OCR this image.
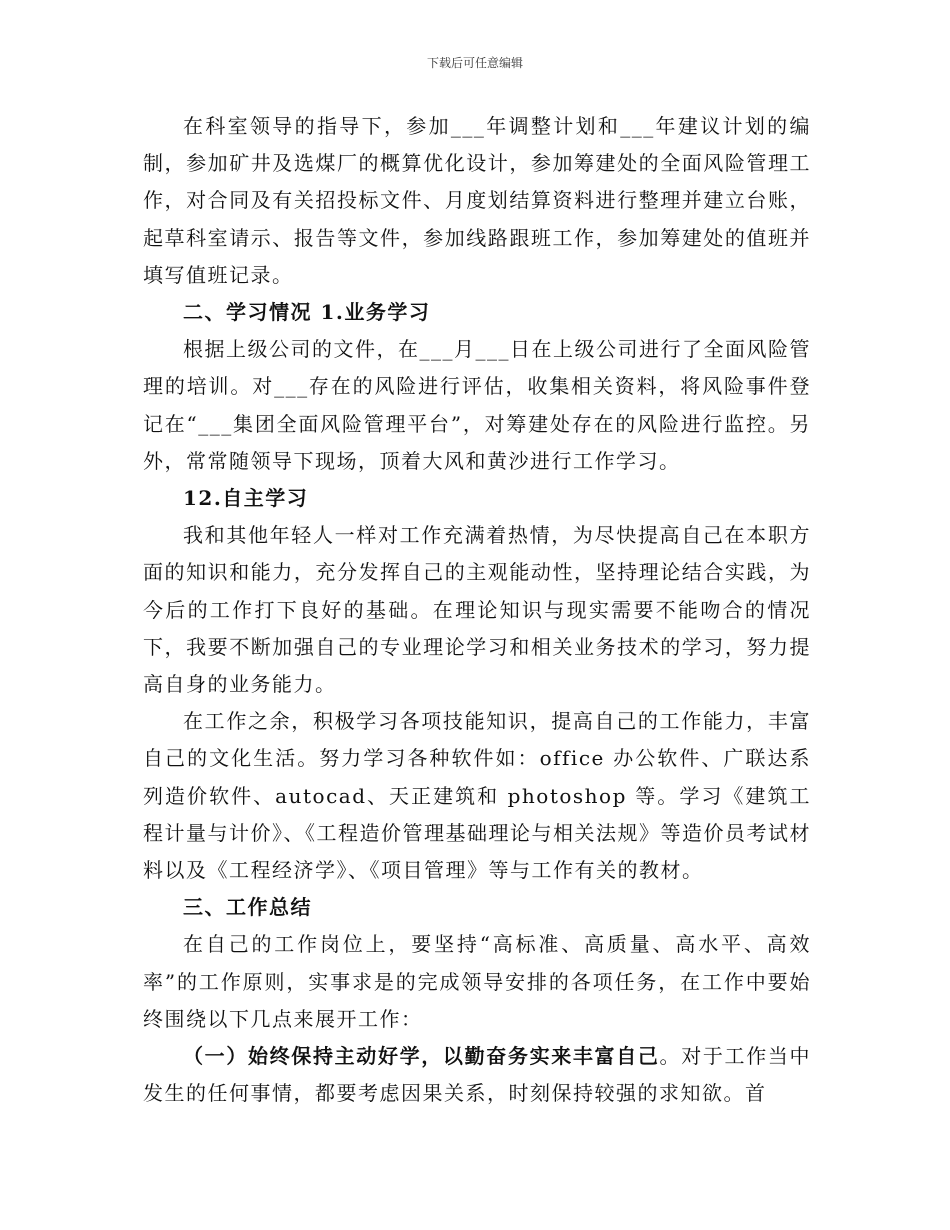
下载后可任意编辑

在科室领导的指导下，参加___年调整计划和___年建议计划的编制，参加矿井及选煤厂的概算优化设计，参加筹建处的全面风险管理工作，对合同及有关招投标文件、月度划结算资料进行整理并建立台账，起草科室请示、报告等文件，参加线路跟班工作，参加筹建处的值班并填写值班记录。

二、学习情况 1.业务学习

根据上级公司的文件，在___月___日在上级公司进行了全面风险管理的培训。对___存在的风险进行评估，收集相关资料，将风险事件登记在“___集团全面风险管理平台”，对筹建处存在的风险进行监控。另外，常常随领导下现场，顶着大风和黄沙进行工作学习。

12.自主学习

我和其他年轻人一样对工作充满着热情，为尽快提高自己在本职方面的知识和能力，充分发挥自己的主观能动性，坚持理论结合实践，为今后的工作打下良好的基础。在理论知识与现实需要不能吻合的情况下，我要不断加强自己的专业理论学习和相关业务技术的学习，努力提高自身的业务能力。

在工作之余，积极学习各项技能知识，提高自己的工作能力，丰富自己的文化生活。努力学习各种软件如：office 办公软件、广联达系列造价软件、autocad、天正建筑和 photoshop 等。学习《建筑工程计量与计价》、《工程造价管理基础理论与相关法规》等造价员考试材料以及《工程经济学》、《项目管理》等与工作有关的教材。

三、工作总结

在自己的工作岗位上，要坚持“高标准、高质量、高水平、高效率”的工作原则，实事求是的完成领导安排的各项任务，在工作中要始终围绕以下几点来展开工作：

（一）始终保持主动好学，以勤奋务实来丰富自己。对于工作当中发生的任何事情，都要考虑因果关系，时刻保持较强的求知欲。首
